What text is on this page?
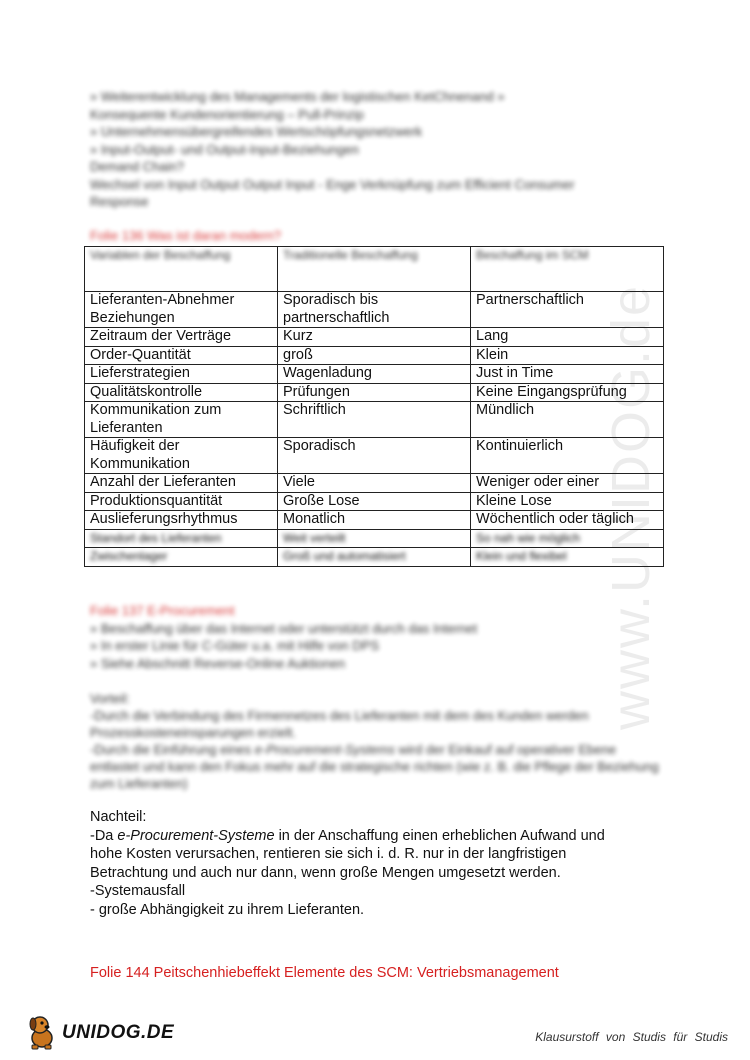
www.UNIDOG.de
» Weiterentwicklung des Managements der logistischen KetChnenand »
Konsequente Kundenorientierung – Pull-Prinzip
» Unternehmensübergreifendes Wertschöpfungsnetzwerk
» Input-Output- und Output-Input-Beziehungen
Demand Chain?
Wechsel von Input Output Output Input - Enge Verknüpfung zum Efficient Consumer
Response
Folie 136 Was ist daran modern?
Variablen der Beschaffung	Traditionelle Beschaffung	Beschaffung im SCM
Lieferanten-Abnehmer Beziehungen	Sporadisch bis partnerschaftlich	Partnerschaftlich
Zeitraum der Verträge	Kurz	Lang
Order-Quantität	groß	Klein
Lieferstrategien	Wagenladung	Just in Time
Qualitätskontrolle	Prüfungen	Keine Eingangsprüfung
Kommunikation zum Lieferanten	Schriftlich	Mündlich
Häufigkeit der Kommunikation	Sporadisch	Kontinuierlich
Anzahl der Lieferanten	Viele	Weniger oder einer
Produktionsquantität	Große Lose	Kleine Lose
Auslieferungsrhythmus	Monatlich	Wöchentlich oder täglich
Standort des Lieferanten	Weit verteilt	So nah wie möglich
Zwischenlager	Groß und automatisiert	Klein und flexibel
Folie 137 E-Procurement
» Beschaffung über das Internet oder unterstützt durch das Internet
» In erster Linie für C-Güter u.a. mit Hilfe von DPS
» Siehe Abschnitt Reverse-Online Auktionen
Vorteil:
-Durch die Verbindung des Firmennetzes des Lieferanten mit dem des Kunden werden Prozesskosteneinsparungen erzielt.
-Durch die Einführung eines e-Procurement-Systems wird der Einkauf auf operativer Ebene entlastet und kann den Fokus mehr auf die strategische richten (wie z. B. die Pflege der Beziehung zum Lieferanten)
Nachteil:
-Da e-Procurement-Systeme in der Anschaffung einen erheblichen Aufwand und
hohe Kosten verursachen, rentieren sie sich i. d. R. nur in der langfristigen
Betrachtung und auch nur dann, wenn große Mengen umgesetzt werden.
-Systemausfall
- große Abhängigkeit zu ihrem Lieferanten.
Folie 144 Peitschenhiebeffekt Elemente des SCM: Vertriebsmanagement
UNIDOG.DE	Klausurstoff von Studis für Studis
